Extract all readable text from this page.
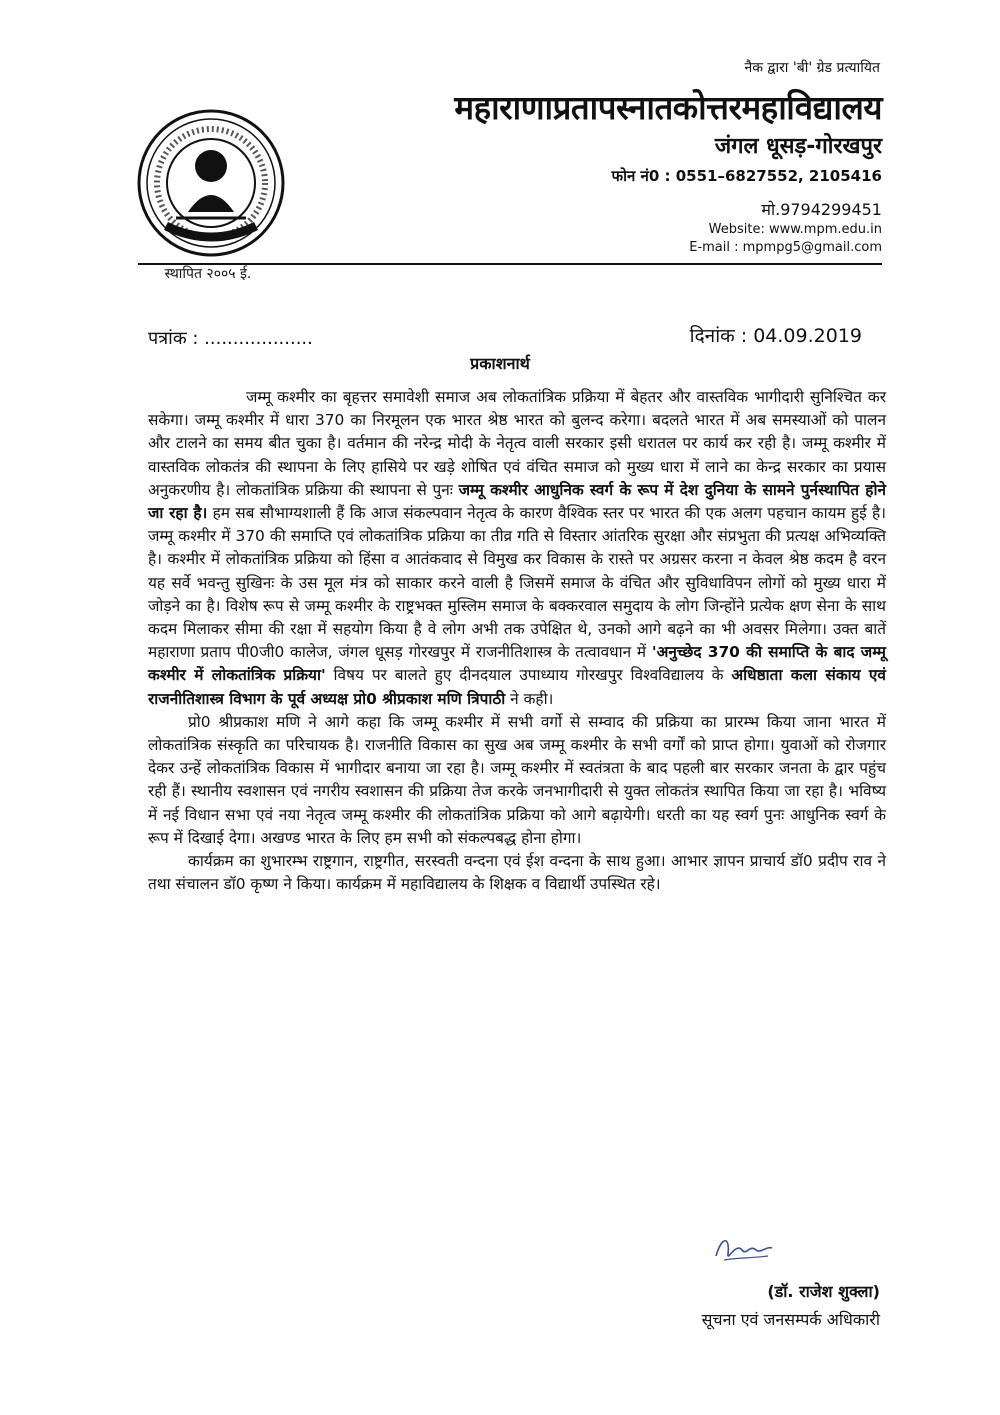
नैक द्वारा 'बी' ग्रेड प्रत्यायित
महाराणाप्रतापस्नातकोत्तरमहाविद्यालय
जंगल धूसड़-गोरखपुर
फोन नं0 : 0551–6827552, 2105416
मो.9794299451
Website: www.mpm.edu.in
E-mail : mpmpg5@gmail.com
स्थापित २००५ ई.
पत्रांक : ...................	दिनांक : 04.09.2019
प्रकाशनार्थ

जम्मू कश्मीर का बृहत्तर समावेशी समाज अब लोकतांत्रिक प्रक्रिया में बेहतर और वास्तविक भागीदारी सुनिश्चित कर सकेगा। जम्मू कश्मीर में धारा 370 का निरमूलन एक भारत श्रेष्ठ भारत को बुलन्द करेगा। बदलते भारत में अब समस्याओं को पालन और टालने का समय बीत चुका है। वर्तमान की नरेन्द्र मोदी के नेतृत्व वाली सरकार इसी धरातल पर कार्य कर रही है। जम्मू कश्मीर में वास्तविक लोकतंत्र की स्थापना के लिए हासिये पर खड़े शोषित एवं वंचित समाज को मुख्य धारा में लाने का केन्द्र सरकार का प्रयास अनुकरणीय है। लोकतांत्रिक प्रक्रिया की स्थापना से पुनः जम्मू कश्मीर आधुनिक स्वर्ग के रूप में देश दुनिया के सामने पुर्नस्थापित होने जा रहा है। हम सब सौभाग्यशाली हैं कि आज संकल्पवान नेतृत्व के कारण वैश्विक स्तर पर भारत की एक अलग पहचान कायम हुई है। जम्मू कश्मीर में 370 की समाप्ति एवं लोकतांत्रिक प्रक्रिया का तीव्र गति से विस्तार आंतरिक सुरक्षा और संप्रभुता की प्रत्यक्ष अभिव्यक्ति है। कश्मीर में लोकतांत्रिक प्रक्रिया को हिंसा व आतंकवाद से विमुख कर विकास के रास्ते पर अग्रसर करना न केवल श्रेष्ठ कदम है वरन यह सर्वे भवन्तु सुखिनः के उस मूल मंत्र को साकार करने वाली है जिसमें समाज के वंचित और सुविधाविपन लोगों को मुख्य धारा में जोड़ने का है। विशेष रूप से जम्मू कश्मीर के राष्ट्रभक्त मुस्लिम समाज के बक्करवाल समुदाय के लोग जिन्होंने प्रत्येक क्षण सेना के साथ कदम मिलाकर सीमा की रक्षा में सहयोग किया है वे लोग अभी तक उपेक्षित थे, उनको आगे बढ़ने का भी अवसर मिलेगा। उक्त बातें महाराणा प्रताप पी0जी0 कालेज, जंगल धूसड़ गोरखपुर में राजनीतिशास्त्र के तत्वावधान में 'अनुच्छेद 370 की समाप्ति के बाद जम्मू कश्मीर में लोकतांत्रिक प्रक्रिया' विषय पर बालते हुए दीनदयाल उपाध्याय गोरखपुर विश्वविद्यालय के अधिष्ठाता कला संकाय एवं राजनीतिशास्त्र विभाग के पूर्व अध्यक्ष प्रो0 श्रीप्रकाश मणि त्रिपाठी ने कही।

प्रो0 श्रीप्रकाश मणि ने आगे कहा कि जम्मू कश्मीर में सभी वर्गो से सम्वाद की प्रक्रिया का प्रारम्भ किया जाना भारत में लोकतांत्रिक संस्कृति का परिचायक है। राजनीति विकास का सुख अब जम्मू कश्मीर के सभी वर्गों को प्राप्त होगा। युवाओं को रोजगार देकर उन्हें लोकतांत्रिक विकास में भागीदार बनाया जा रहा है। जम्मू कश्मीर में स्वतंत्रता के बाद पहली बार सरकार जनता के द्वार पहुंच रही हैं। स्थानीय स्वशासन एवं नगरीय स्वशासन की प्रक्रिया तेज करके जनभागीदारी से युक्त लोकतंत्र स्थापित किया जा रहा है। भविष्य में नई विधान सभा एवं नया नेतृत्व जम्मू कश्मीर की लोकतांत्रिक प्रक्रिया को आगे बढ़ायेगी। धरती का यह स्वर्ग पुनः आधुनिक स्वर्ग के रूप में दिखाई देगा। अखण्ड भारत के लिए हम सभी को संकल्पबद्ध होना होगा।

कार्यक्रम का शुभारम्भ राष्ट्रगान, राष्ट्रगीत, सरस्वती वन्दना एवं ईश वन्दना के साथ हुआ। आभार ज्ञापन प्राचार्य डॉ0 प्रदीप राव ने तथा संचालन डॉ0 कृष्ण ने किया। कार्यक्रम में महाविद्यालय के शिक्षक व विद्यार्थी उपस्थित रहे।

(डॉ. राजेश शुक्ला)
सूचना एवं जनसम्पर्क अधिकारी
